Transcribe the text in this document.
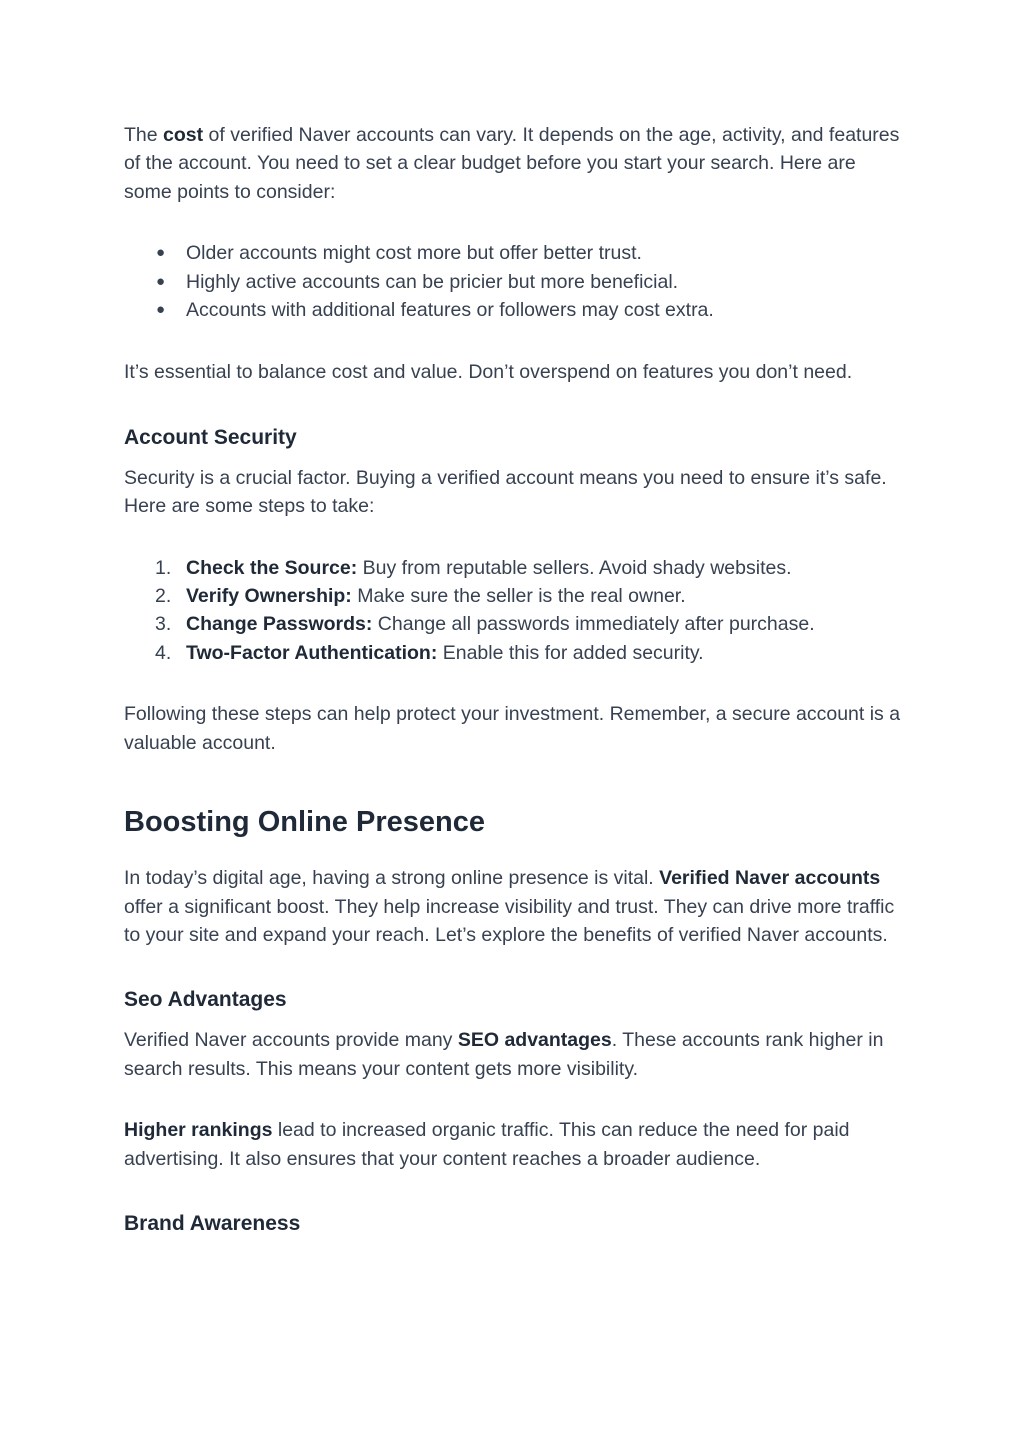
The cost of verified Naver accounts can vary. It depends on the age, activity, and features of the account. You need to set a clear budget before you start your search. Here are some points to consider:

● Older accounts might cost more but offer better trust.
● Highly active accounts can be pricier but more beneficial.
● Accounts with additional features or followers may cost extra.

It’s essential to balance cost and value. Don’t overspend on features you don’t need.

Account Security

Security is a crucial factor. Buying a verified account means you need to ensure it’s safe. Here are some steps to take:

1. Check the Source: Buy from reputable sellers. Avoid shady websites.
2. Verify Ownership: Make sure the seller is the real owner.
3. Change Passwords: Change all passwords immediately after purchase.
4. Two-Factor Authentication: Enable this for added security.

Following these steps can help protect your investment. Remember, a secure account is a valuable account.

Boosting Online Presence

In today’s digital age, having a strong online presence is vital. Verified Naver accounts offer a significant boost. They help increase visibility and trust. They can drive more traffic to your site and expand your reach. Let’s explore the benefits of verified Naver accounts.

Seo Advantages

Verified Naver accounts provide many SEO advantages. These accounts rank higher in search results. This means your content gets more visibility.

Higher rankings lead to increased organic traffic. This can reduce the need for paid advertising. It also ensures that your content reaches a broader audience.

Brand Awareness
